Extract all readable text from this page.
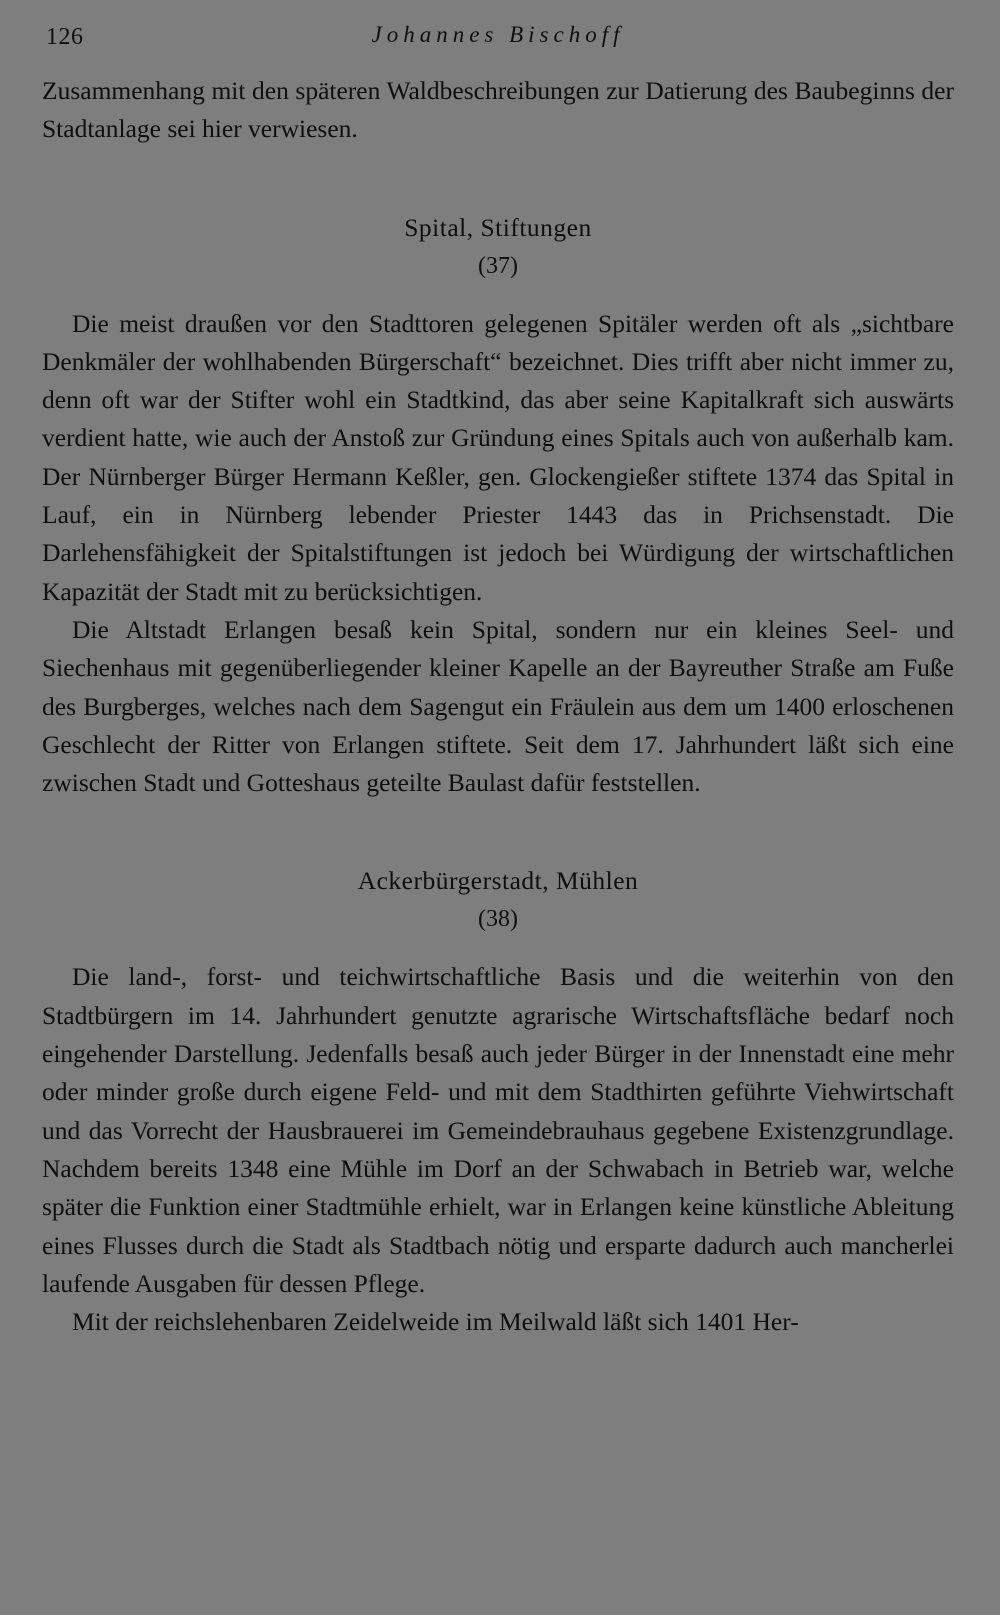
126	Johannes Bischoff

Zusammenhang mit den späteren Waldbeschreibungen zur Datierung des Baubeginns der Stadtanlage sei hier verwiesen.

Spital, Stiftungen

(37)

Die meist draußen vor den Stadttoren gelegenen Spitäler werden oft als „sichtbare Denkmäler der wohlhabenden Bürgerschaft“ bezeichnet. Dies trifft aber nicht immer zu, denn oft war der Stifter wohl ein Stadtkind, das aber seine Kapitalkraft sich auswärts verdient hatte, wie auch der Anstoß zur Gründung eines Spitals auch von außerhalb kam. Der Nürnberger Bürger Hermann Keßler, gen. Glockengießer stiftete 1374 das Spital in Lauf, ein in Nürnberg lebender Priester 1443 das in Prichsenstadt. Die Darlehensfähigkeit der Spitalstiftungen ist jedoch bei Würdigung der wirtschaftlichen Kapazität der Stadt mit zu berücksichtigen.

Die Altstadt Erlangen besaß kein Spital, sondern nur ein kleines Seel- und Siechenhaus mit gegenüberliegender kleiner Kapelle an der Bayreuther Straße am Fuße des Burgberges, welches nach dem Sagengut ein Fräulein aus dem um 1400 erloschenen Geschlecht der Ritter von Erlangen stiftete. Seit dem 17. Jahrhundert läßt sich eine zwischen Stadt und Gotteshaus geteilte Baulast dafür feststellen.

Ackerbürgerstadt, Mühlen

(38)

Die land-, forst- und teichwirtschaftliche Basis und die weiterhin von den Stadtbürgern im 14. Jahrhundert genutzte agrarische Wirtschaftsfläche bedarf noch eingehender Darstellung. Jedenfalls besaß auch jeder Bürger in der Innenstadt eine mehr oder minder große durch eigene Feld- und mit dem Stadthirten geführte Viehwirtschaft und das Vorrecht der Hausbrauerei im Gemeindebrauhaus gegebene Existenzgrundlage. Nachdem bereits 1348 eine Mühle im Dorf an der Schwabach in Betrieb war, welche später die Funktion einer Stadtmühle erhielt, war in Erlangen keine künstliche Ableitung eines Flusses durch die Stadt als Stadtbach nötig und ersparte dadurch auch mancherlei laufende Ausgaben für dessen Pflege.

Mit der reichslehenbaren Zeidelweide im Meilwald läßt sich 1401 Her-
